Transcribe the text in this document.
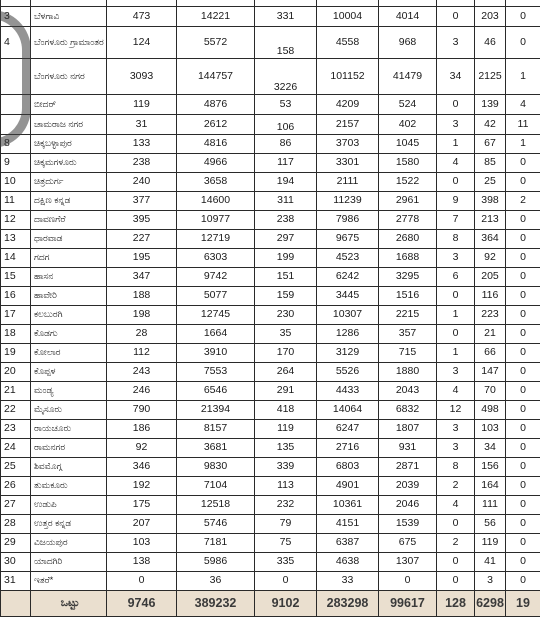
3	ಬೆಳಗಾವಿ	473	14221	331	10004	4014	0	203	0
4	ಬೆಂಗಳೂರು ಗ್ರಾಮಾಂತರ	124	5572	158	4558	968	3	46	0
	ಬೆಂಗಳೂರು ನಗರ	3093	144757	3226	101152	41479	34	2125	1
	ಬೀದರ್	119	4876	53	4209	524	0	139	4
	ಚಾಮರಾಜ ನಗರ	31	2612	106	2157	402	3	42	11
8	ಚಿಕ್ಕಬಳ್ಳಾಪುರ	133	4816	86	3703	1045	1	67	1
9	ಚಿಕ್ಕಮಗಳೂರು	238	4966	117	3301	1580	4	85	0
10	ಚಿತ್ರದುರ್ಗ	240	3658	194	2111	1522	0	25	0
11	ದಕ್ಷಿಣ ಕನ್ನಡ	377	14600	311	11239	2961	9	398	2
12	ದಾವಣಗೆರೆ	395	10977	238	7986	2778	7	213	0
13	ಧಾರವಾಡ	227	12719	297	9675	2680	8	364	0
14	ಗದಗ	195	6303	199	4523	1688	3	92	0
15	ಹಾಸನ	347	9742	151	6242	3295	6	205	0
16	ಹಾವೇರಿ	188	5077	159	3445	1516	0	116	0
17	ಕಲಬುರಗಿ	198	12745	230	10307	2215	1	223	0
18	ಕೊಡಗು	28	1664	35	1286	357	0	21	0
19	ಕೋಲಾರ	112	3910	170	3129	715	1	66	0
20	ಕೊಪ್ಪಳ	243	7553	264	5526	1880	3	147	0
21	ಮಂಡ್ಯ	246	6546	291	4433	2043	4	70	0
22	ಮೈಸೂರು	790	21394	418	14064	6832	12	498	0
23	ರಾಯಚೂರು	186	8157	119	6247	1807	3	103	0
24	ರಾಮನಗರ	92	3681	135	2716	931	3	34	0
25	ಶಿವಮೊಗ್ಗ	346	9830	339	6803	2871	8	156	0
26	ತುಮಕೂರು	192	7104	113	4901	2039	2	164	0
27	ಉಡುಪಿ	175	12518	232	10361	2046	4	111	0
28	ಉತ್ತರ ಕನ್ನಡ	207	5746	79	4151	1539	0	56	0
29	ವಿಜಯಪುರ	103	7181	75	6387	675	2	119	0
30	ಯಾದಗಿರಿ	138	5986	335	4638	1307	0	41	0
31	ಇತರೆ*	0	36	0	33	0	0	3	0
	ಒಟ್ಟು	9746	389232	9102	283298	99617	128	6298	19
